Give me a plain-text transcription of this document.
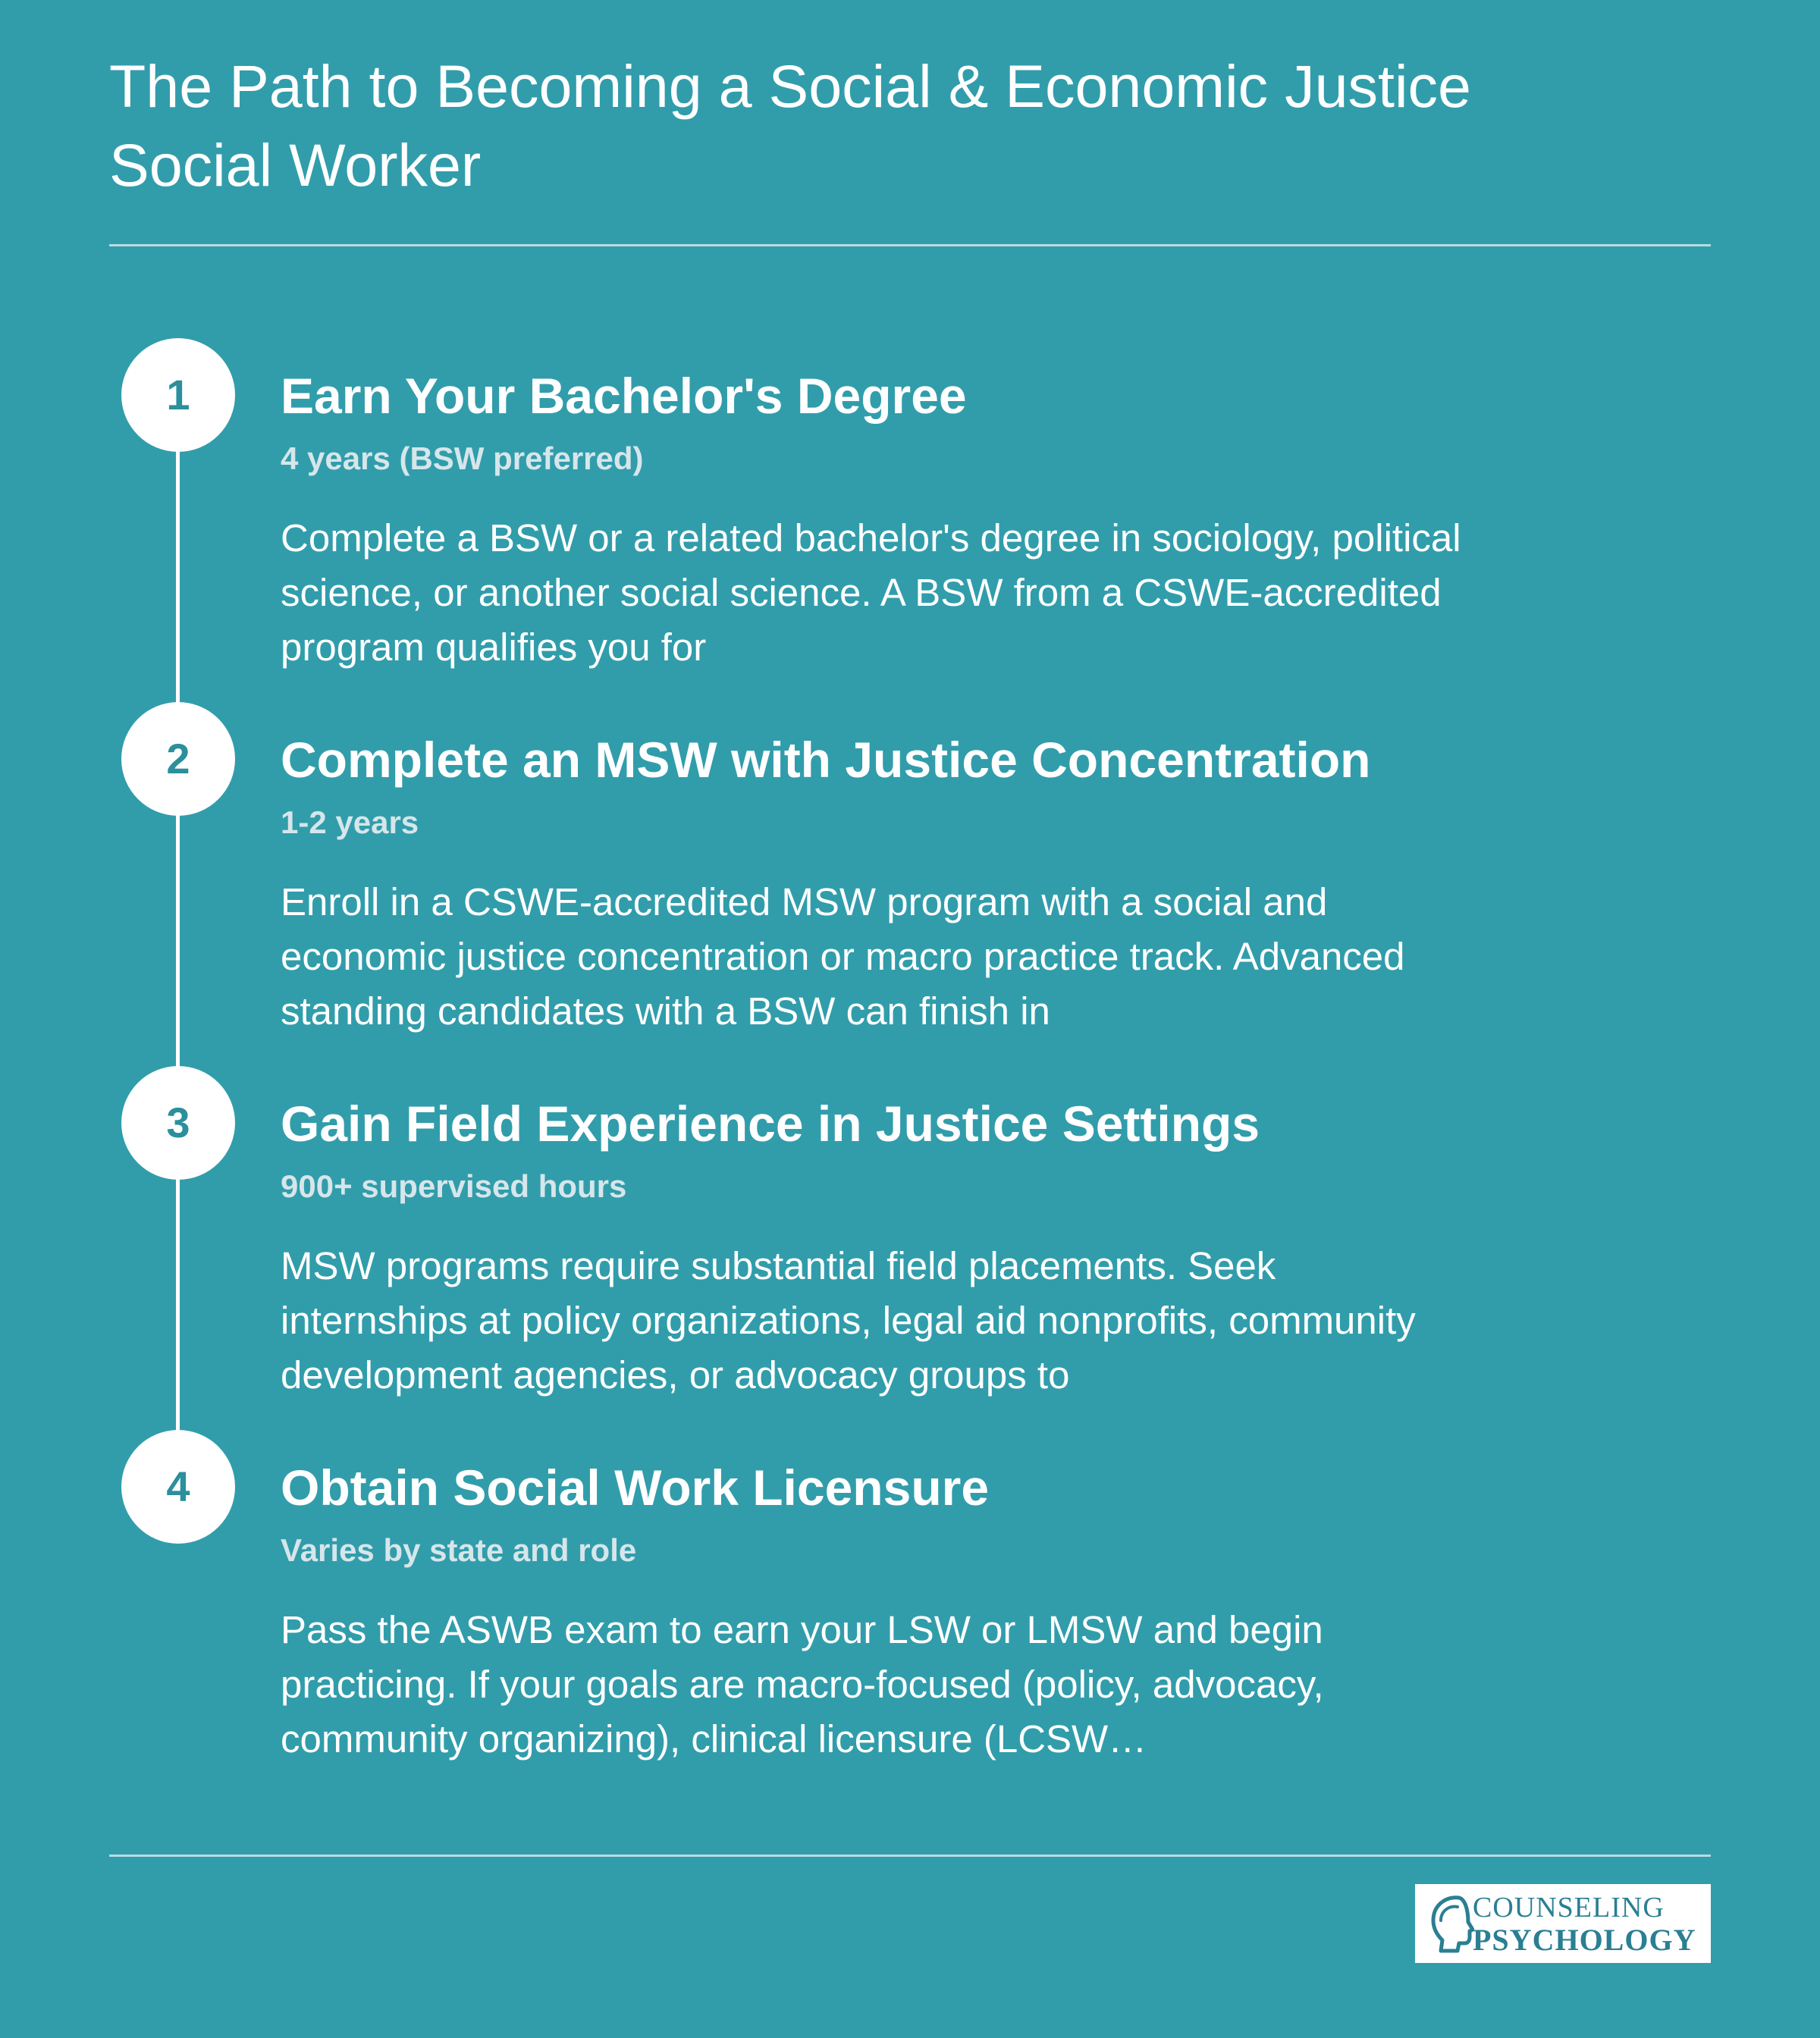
The Path to Becoming a Social & Economic Justice Social Worker
1	Earn Your Bachelor's Degree
4 years (BSW preferred)
Complete a BSW or a related bachelor's degree in sociology, political science, or another social science. A BSW from a CSWE-accredited program qualifies you for
2	Complete an MSW with Justice Concentration
1-2 years
Enroll in a CSWE-accredited MSW program with a social and economic justice concentration or macro practice track. Advanced standing candidates with a BSW can finish in
3	Gain Field Experience in Justice Settings
900+ supervised hours
MSW programs require substantial field placements. Seek internships at policy organizations, legal aid nonprofits, community development agencies, or advocacy groups to
4	Obtain Social Work Licensure
Varies by state and role
Pass the ASWB exam to earn your LSW or LMSW and begin practicing. If your goals are macro-focused (policy, advocacy, community organizing), clinical licensure (LCSW…
COUNSELING
PSYCHOLOGY
